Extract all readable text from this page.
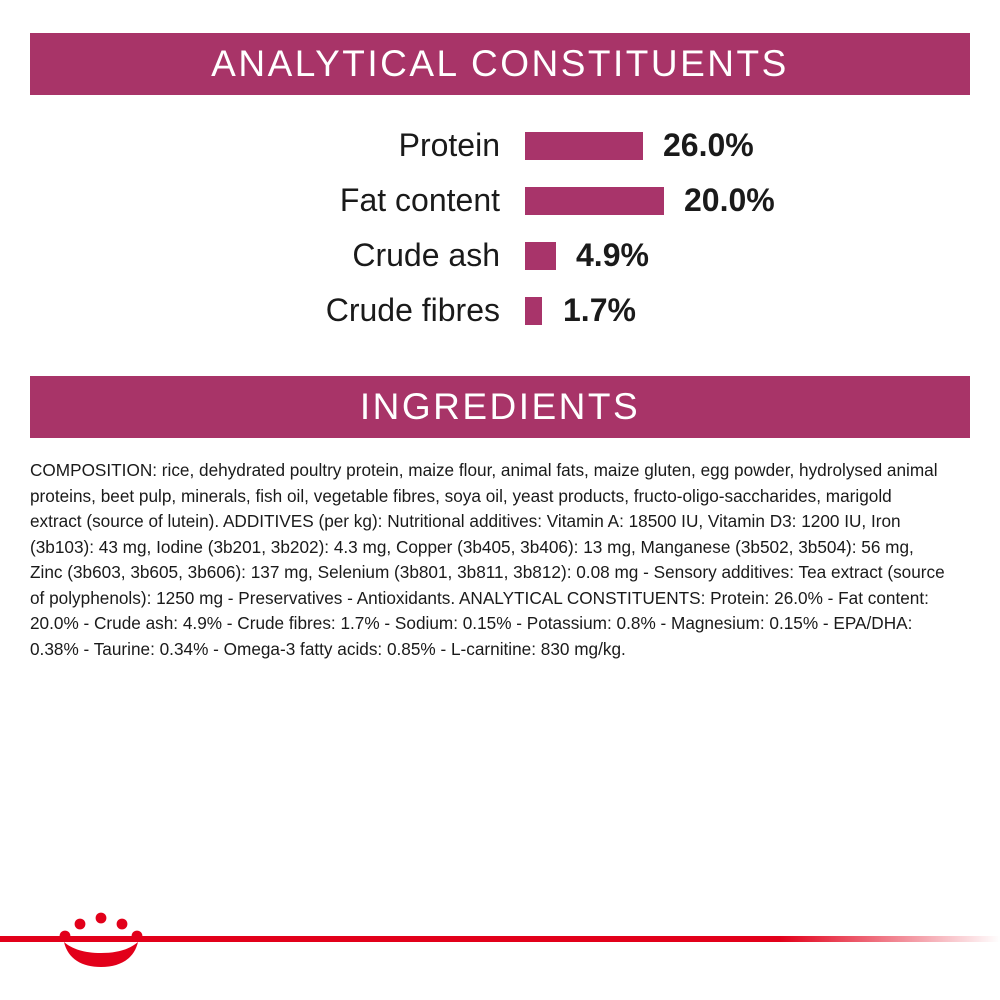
ANALYTICAL CONSTITUENTS
Protein	26.0%
Fat content	20.0%
Crude ash 4.9%
Crude fibres 1.7%
INGREDIENTS
COMPOSITION: rice, dehydrated poultry protein, maize flour, animal fats, maize gluten, egg powder, hydrolysed animal proteins, beet pulp, minerals, fish oil, vegetable fibres, soya oil, yeast products, fructo-oligo-saccharides, marigold extract (source of lutein). ADDITIVES (per kg): Nutritional additives: Vitamin A: 18500 IU, Vitamin D3: 1200 IU, Iron (3b103): 43 mg, Iodine (3b201, 3b202): 4.3 mg, Copper (3b405, 3b406): 13 mg, Manganese (3b502, 3b504): 56 mg, Zinc (3b603, 3b605, 3b606): 137 mg, Selenium (3b801, 3b811, 3b812): 0.08 mg - Sensory additives: Tea extract (source of polyphenols): 1250 mg - Preservatives - Antioxidants. ANALYTICAL CONSTITUENTS: Protein: 26.0% - Fat content: 20.0% - Crude ash: 4.9% - Crude fibres: 1.7% - Sodium: 0.15% - Potassium: 0.8% - Magnesium: 0.15% - EPA/DHA: 0.38% - Taurine: 0.34% - Omega-3 fatty acids: 0.85% - L-carnitine: 830 mg/kg.
